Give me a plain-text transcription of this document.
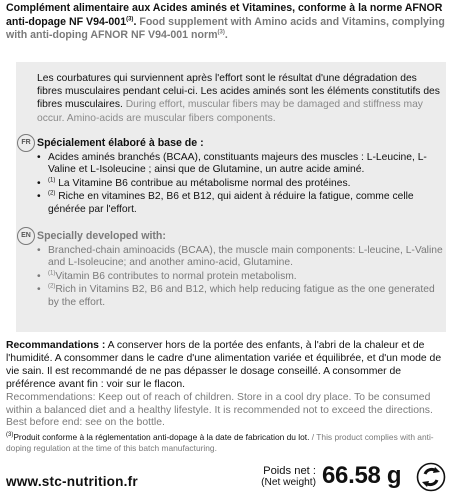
Complément alimentaire aux Acides aminés et Vitamines, conforme à la norme AFNOR anti-dopage NF V94-001$^{(3)}$. Food supplement with Amino acids and Vitamins, complying with anti-doping AFNOR NF V94-001 norm$^{(3)}$.
Les courbatures qui surviennent après l'effort sont le résultat d'une dégradation des fibres musculaires pendant celui-ci. Les acides aminés sont les éléments constitutifs des fibres musculaires. During effort, muscular fibers may be damaged and stiffness may occur. Amino-acids are muscular fibers components.
FR Spécialement élaboré à base de :
• Acides aminés branchés (BCAA), constituants majeurs des muscles : L-Leucine, L-Valine et L-Isoleucine ; ainsi que de Glutamine, un autre acide aminé.
• $^{(1)}$ La Vitamine B6 contribue au métabolisme normal des protéines.
• $^{(2)}$ Riche en vitamines B2, B6 et B12, qui aident à réduire la fatigue, comme celle générée par l'effort.
EN Specially developed with:
• Branched-chain aminoacids (BCAA), the muscle main components: L-leucine, L-Valine and L-Isoleucine; and another amino-acid, Glutamine.
• $^{(1)}$Vitamin B6 contributes to normal protein metabolism.
• $^{(2)}$Rich in Vitamins B2, B6 and B12, which help reducing fatigue as the one generated by the effort.
Recommandations : A conserver hors de la portée des enfants, à l'abri de la chaleur et de l'humidité. A consommer dans le cadre d'une alimentation variée et équilibrée, et d'un mode de vie sain. Il est recommandé de ne pas dépasser le dosage conseillé. A consommer de préférence avant fin : voir sur le flacon.
Recommendations: Keep out of reach of children. Store in a cool dry place. To be consumed within a balanced diet and a healthy lifestyle. It is recommended not to exceed the directions. Best before end: see on the bottle.
$^{(3)}$Produit conforme à la réglementation anti-dopage à la date de fabrication du lot. / This product complies with anti-doping regulation at the time of this batch manufacturing.
www.stc-nutrition.fr
Poids net :
(Net weight) 66.58 g
